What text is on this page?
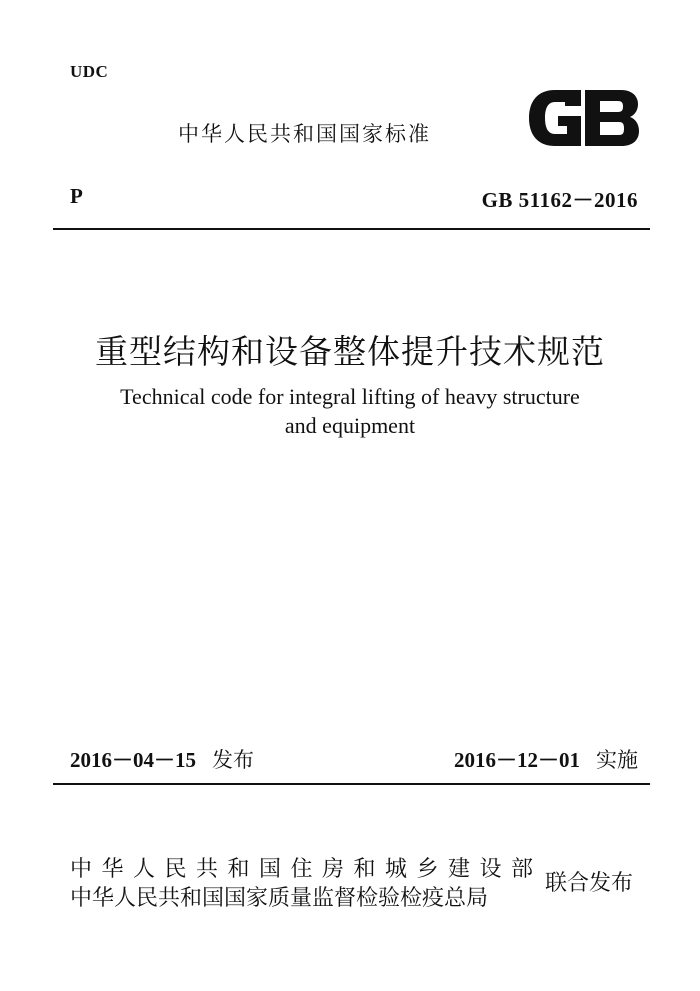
UDC
中华人民共和国国家标准
P	GB 51162－2016
重型结构和设备整体提升技术规范
Technical code for integral lifting of heavy structure
and equipment
2016－04－15 发布	2016－12－01 实施
中华人民共和国住房和城乡建设部
中华人民共和国国家质量监督检验检疫总局
联合发布
